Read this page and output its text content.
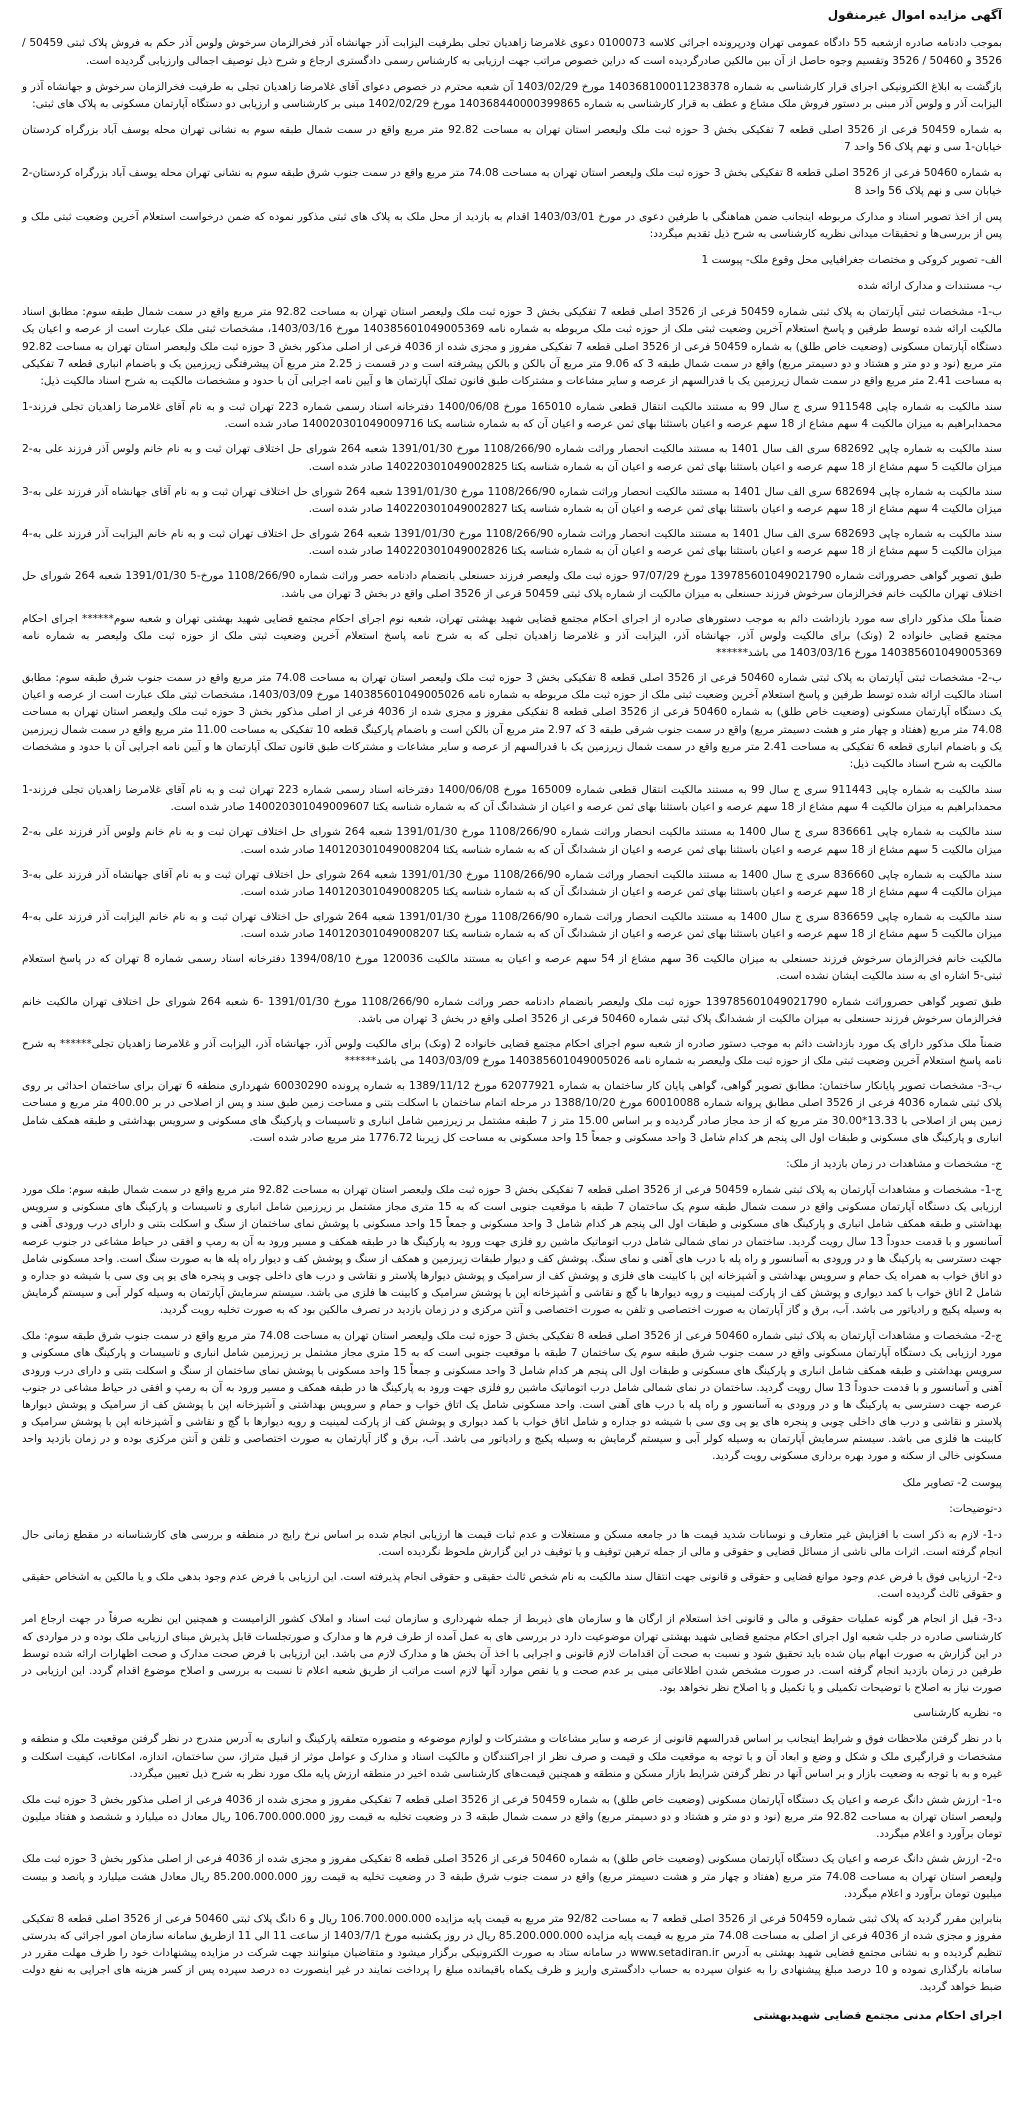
آگهی مزایده اموال غیرمنقول

بموجب دادنامه صادره ازشعبه 55 دادگاه عمومی تهران ودرپرونده اجرائی کلاسه 0100073 دعوی غلامرضا زاهدیان تجلی بطرفیت الیزابت آذر جهانشاه آذر فخرالزمان سرخوش ولوس آذر حکم به فروش پلاک ثبتی 50459 / 3526 و 50460 / 3526 وتقسیم وجوه حاصل از آن بین مالکین صادرگردیده است که دراین خصوص مراتب جهت ارزیابی به کارشناس رسمی دادگستری ارجاع و شرح ذیل توصیف اجمالی وارزیابی گردیده است.

بازگشت به ابلاغ الکترونیکی اجرای قرار کارشناسی به شماره 140368100011238378 مورخ 1403/02/29 آن شعبه محترم در خصوص دعوای آقای غلامرضا زاهدیان تجلی به طرفیت فخرالزمان سرخوش و جهانشاه آذر و الیزابت آذر و ولوس آذر مبنی بر دستور فروش ملک مشاع و عطف به قرار کارشناسی به شماره 140368440000399865 مورخ 1402/02/29 مبنی بر کارشناسی و ارزیابی دو دستگاه آپارتمان مسکونی به پلاک های ثبتی:

به شماره 50459 فرعی از 3526 اصلی قطعه 7 تفکیکی بخش 3 حوزه ثبت ملک ولیعصر استان تهران به مساحت 92.82 متر مربع واقع در سمت شمال طبقه سوم به نشانی تهران محله یوسف آباد بزرگراه کردستان خیابان-1 سی و نهم پلاک 56 واحد 7

به شماره 50460 فرعی از 3526 اصلی قطعه 8 تفکیکی بخش 3 حوزه ثبت ملک ولیعصر استان تهران به مساحت 74.08 متر مربع واقع در سمت جنوب شرق طبقه سوم به نشانی تهران محله یوسف آباد بزرگراه کردستان-2 خیابان سی و نهم پلاک 56 واحد 8

پس از اخذ تصویر اسناد و مدارک مربوطه اینجانب ضمن هماهنگی با طرفین دعوی در مورخ 1403/03/01 اقدام به بازدید از محل ملک به پلاک های ثبتی مذکور نموده که ضمن درخواست استعلام آخرین وضعیت ثبتی ملک و پس از بررسی‌ها و تحقیقات میدانی نظریه کارشناسی به شرح ذیل تقدیم میگردد:

الف- تصویر کروکی و مختصات جغرافیایی محل وقوع ملک- پیوست 1

ب- مستندات و مدارک ارائه شده

ب-1- مشخصات ثبتی آپارتمان به پلاک ثبتی شماره 50459 فرعی از 3526 اصلی قطعه 7 تفکیکی بخش 3 حوزه ثبت ملک ولیعصر استان تهران به مساحت 92.82 متر مربع واقع در سمت شمال طبقه سوم: مطابق اسناد مالکیت ارائه شده توسط طرفین و پاسخ استعلام آخرین وضعیت ثبتی ملک از حوزه ثبت ملک مربوطه به شماره نامه 140385601049005369 مورخ 1403/03/16، مشخصات ثبتی ملک عبارت است از عرصه و اعیان یک دستگاه آپارتمان مسکونی (وضعیت خاص طلق) به شماره 50459 فرعی از 3526 اصلی قطعه 7 تفکیکی مفروز و مجزی شده از 4036 فرعی از اصلی مذکور بخش 3 حوزه ثبت ملک ولیعصر استان تهران به مساحت 92.82 متر مربع (نود و دو متر و هشتاد و دو دسیمتر مربع) واقع در سمت شمال طبقه 3 که 9.06 متر مربع آن بالکن و بالکن پیشرفته است و در قسمت ز 2.25 متر مربع آن پیشرفتگی زیرزمین یک و باضمام انباری قطعه 7 تفکیکی به مساحت 2.41 متر مربع واقع در سمت شمال زیرزمین یک با قدرالسهم از عرصه و سایر مشاعات و مشترکات طبق قانون تملک آپارتمان ها و آیین نامه اجرایی آن با حدود و مشخصات مالکیت به شرح اسناد مالکیت ذیل:

سند مالکیت به شماره چاپی 911548 سری ج سال 99 به مستند مالکیت انتقال قطعی شماره 165010 مورخ 1400/06/08 دفترخانه اسناد رسمی شماره 223 تهران ثبت و به نام آقای غلامرضا زاهدیان تجلی فرزند-1 محمدابراهیم به میزان مالکیت 4 سهم مشاع از 18 سهم عرصه و اعیان باستثنا بهای ثمن عرصه و اعیان آن که به شماره شناسه یکتا 140020301049009716 صادر شده است.

سند مالکیت به شماره چاپی 682692 سری الف سال 1401 به مستند مالکیت انحصار وراثت شماره 1108/266/90 مورخ 1391/01/30 شعبه 264 شورای حل اختلاف تهران ثبت و به نام خانم ولوس آذر فرزند علی به-2 میزان مالکیت 5 سهم مشاع از 18 سهم عرصه و اعیان باستثنا بهای ثمن عرصه و اعیان آن به شماره شناسه یکتا 140220301049002825 صادر شده است.

سند مالکیت به شماره چاپی 682694 سری الف سال 1401 به مستند مالکیت انحصار وراثت شماره 1108/266/90 مورخ 1391/01/30 شعبه 264 شورای حل اختلاف تهران ثبت و به نام آقای جهانشاه آذر فرزند علی به-3 میزان مالکیت 4 سهم مشاع از 18 سهم عرصه و اعیان باستثنا بهای ثمن عرصه و اعیان آن به شماره شناسه یکتا 140220301049002827 صادر شده است.

سند مالکیت به شماره چاپی 682693 سری الف سال 1401 به مستند مالکیت انحصار وراثت شماره 1108/266/90 مورخ 1391/01/30 شعبه 264 شورای حل اختلاف تهران ثبت و به نام خانم الیزابت آذر فرزند علی به-4 میزان مالکیت 5 سهم مشاع از 18 سهم عرصه و اعیان باستثنا بهای ثمن عرصه و اعیان آن به شماره شناسه یکتا 140220301049002826 صادر شده است.

طبق تصویر گواهی حصروراثت شماره 139785601049021790 مورخ 97/07/29 حوزه ثبت ملک ولیعصر فرزند حسنعلی بانضمام دادنامه حصر وراثت شماره 1108/266/90 مورخ-5 1391/01/30 شعبه 264 شورای حل اختلاف تهران مالکیت خانم فخرالزمان سرخوش فرزند حسنعلی به میزان مالکیت از شماره پلاک ثبتی 50459 فرعی از 3526 اصلی واقع در بخش 3 تهران می باشد.

ضمناً ملک مذکور دارای سه مورد بازداشت دائم به موجب دستورهای صادره از اجرای احکام مجتمع قضایی شهید بهشتی تهران، شعبه نوم اجرای احکام مجتمع قضایی شهید بهشتی تهران و شعبه سوم****** اجرای احکام مجتمع قضایی خانواده 2 (ونک) برای مالکیت ولوس آذر، جهانشاه آذر، الیزابت آذر و غلامرضا زاهدیان تجلی که به شرح نامه پاسخ استعلام آخرین وضعیت ثبتی ملک از حوزه ثبت ملک ولیعصر به شماره نامه 140385601049005369 مورخ 1403/03/16 می باشد******

ب-2- مشخصات ثبتی آپارتمان به پلاک ثبتی شماره 50460 فرعی از 3526 اصلی قطعه 8 تفکیکی بخش 3 حوزه ثبت ملک ولیعصر استان تهران به مساحت 74.08 متر مربع واقع در سمت جنوب شرق طبقه سوم: مطابق اسناد مالکیت ارائه شده توسط طرفین و پاسخ استعلام آخرین وضعیت ثبتی ملک از حوزه ثبت ملک مربوطه به شماره نامه 140385601049005026 مورخ 1403/03/09، مشخصات ثبتی ملک عبارت است از عرصه و اعیان یک دستگاه آپارتمان مسکونی (وضعیت خاص طلق) به شماره 50460 فرعی از 3526 اصلی قطعه 8 تفکیکی مفروز و مجزی شده از 4036 فرعی از اصلی مذکور بخش 3 حوزه ثبت ملک ولیعصر استان تهران به مساحت 74.08 متر مربع (هفتاد و چهار متر و هشت دسیمتر مربع) واقع در سمت جنوب شرقی طبقه 3 که 2.97 متر مربع آن بالکن است و باضمام پارکینگ قطعه 10 تفکیکی به مساحت 11.00 متر مربع واقع در سمت شمال زیرزمین یک و باضمام انباری قطعه 6 تفکیکی به مساحت 2.41 متر مربع واقع در سمت شمال زیرزمین یک با قدرالسهم از عرصه و سایر مشاعات و مشترکات طبق قانون تملک آپارتمان ها و آیین نامه اجرایی آن با حدود و مشخصات مالکیت به شرح اسناد مالکیت ذیل:

سند مالکیت به شماره چاپی 911443 سری ج سال 99 به مستند مالکیت انتقال قطعی شماره 165009 مورخ 1400/06/08 دفترخانه اسناد رسمی شماره 223 تهران ثبت و به نام آقای غلامرضا زاهدیان تجلی فرزند-1 محمدابراهیم به میزان مالکیت 4 سهم مشاع از 18 سهم عرصه و اعیان باستثنا بهای ثمن عرصه و اعیان از ششدانگ آن که به شماره شناسه یکتا 140020301049009607 صادر شده است.

سند مالکیت به شماره چاپی 836661 سری ج سال 1400 به مستند مالکیت انحصار وراثت شماره 1108/266/90 مورخ 1391/01/30 شعبه 264 شورای حل اختلاف تهران ثبت و به نام خانم ولوس آذر فرزند علی به-2 میزان مالکیت 5 سهم مشاع از 18 سهم عرصه و اعیان باستثنا بهای ثمن عرصه و اعیان از ششدانگ آن که به شماره شناسه یکتا 140120301049008204 صادر شده است.

سند مالکیت به شماره چاپی 836660 سری ج سال 1400 به مستند مالکیت انحصار وراثت شماره 1108/266/90 مورخ 1391/01/30 شعبه 264 شورای حل اختلاف تهران ثبت و به نام آقای جهانشاه آذر فرزند علی به-3 میزان مالکیت 4 سهم مشاع از 18 سهم عرصه و اعیان باستثنا بهای ثمن عرصه و اعیان از ششدانگ آن که به شماره شناسه یکتا 140120301049008205 صادر شده است.

سند مالکیت به شماره چاپی 836659 سری ج سال 1400 به مستند مالکیت انحصار وراثت شماره 1108/266/90 مورخ 1391/01/30 شعبه 264 شورای حل اختلاف تهران ثبت و به نام خانم الیزابت آذر فرزند علی به-4 میزان مالکیت 5 سهم مشاع از 18 سهم عرصه و اعیان باستثنا بهای ثمن عرصه و اعیان از ششدانگ آن که به شماره شناسه یکتا 140120301049008207 صادر شده است.

مالکیت خانم فخرالزمان سرخوش فرزند حسنعلی به میزان مالکیت 36 سهم مشاع از 54 سهم عرصه و اعیان به مستند مالکیت 120036 مورخ 1394/08/10 دفترخانه اسناد رسمی شماره 8 تهران که در پاسخ استعلام ثبتی-5 اشاره ای به سند مالکیت ایشان نشده است.

طبق تصویر گواهی حصروراثت شماره 139785601049021790 حوزه ثبت ملک ولیعصر بانضمام دادنامه حصر وراثت شماره 1108/266/90 مورخ 1391/01/30 -6 شعبه 264 شورای حل اختلاف تهران مالکیت خانم فخرالزمان سرخوش فرزند حسنعلی به میزان مالکیت از ششدانگ پلاک ثبتی شماره 50460 فرعی از 3526 اصلی واقع در بخش 3 تهران می باشد.

ضمناً ملک مذکور دارای یک مورد بازداشت دائم به موجب دستور صادره از شعبه سوم اجرای احکام مجتمع قضایی خانواده 2 (ونک) برای مالکیت ولوس آذر، جهانشاه آذر، الیزابت آذر و غلامرضا زاهدیان تجلی****** به شرح نامه پاسخ استعلام آخرین وضعیت ثبتی ملک از حوزه ثبت ملک ولیعصر به شماره نامه 140385601049005026 مورخ 1403/03/09 می باشد******

ب-3- مشخصات تصویر پایانکار ساختمان: مطابق تصویر گواهی، گواهی پایان کار ساختمان به شماره 62077921 مورخ 1389/11/12 به شماره پرونده 60030290 شهرداری منطقه 6 تهران برای ساختمان احداثی بر روی پلاک ثبتی شماره 4036 فرعی از 3526 اصلی مطابق پروانه شماره 60010088 مورخ 1388/10/20 در مرحله اتمام ساختمان با اسکلت بتنی و مساحت زمین طبق سند و پس از اصلاحی در بر 400.00 متر مربع و مساحت زمین پس از اصلاحی با 13.33*30.00 متر مربع که از حد مجاز صادر گردیده و بر اساس 15.00 متر ز 7 طبقه مشتمل بر زیرزمین شامل انباری و تاسیسات و پارکینگ های مسکونی و سرویس بهداشتی و طبقه همکف شامل انباری و پارکینگ های مسکونی و طبقات اول الی پنجم هر کدام شامل 3 واحد مسکونی و جمعاً 15 واحد مسکونی به مساحت کل زیربنا 1776.72 متر مربع صادر شده است.

ج- مشخصات و مشاهدات در زمان بازدید از ملک:

ج-1- مشخصات و مشاهدات آپارتمان به پلاک ثبتی شماره 50459 فرعی از 3526 اصلی قطعه 7 تفکیکی بخش 3 حوزه ثبت ملک ولیعصر استان تهران به مساحت 92.82 متر مربع واقع در سمت شمال طبقه سوم: ملک مورد ارزیابی یک دستگاه آپارتمان مسکونی واقع در سمت شمال طبقه سوم یک ساختمان 7 طبقه با موقعیت جنوبی است که به 15 متری مجاز مشتمل بر زیرزمین شامل انباری و تاسیسات و پارکینگ های مسکونی و سرویس بهداشتی و طبقه همکف شامل انباری و پارکینگ های مسکونی و طبقات اول الی پنجم هر کدام شامل 3 واحد مسکونی و جمعاً 15 واحد مسکونی با پوشش نمای ساختمان از سنگ و اسکلت بتنی و دارای درب ورودی آهنی و آسانسور و با قدمت حدوداً 13 سال رویت گردید. ساختمان در نمای شمالی شامل درب اتوماتیک ماشین رو فلزی جهت ورود به پارکینگ ها در طبقه همکف و مسیر ورود به آن به رمپ و افقی در حیاط مشاعی در جنوب عرصه جهت دسترسی به پارکینگ ها و در ورودی به آسانسور و راه پله با درب های آهنی و نمای سنگ. پوشش کف و دیوار طبقات زیرزمین و همکف از سنگ و پوشش کف و دیوار راه پله ها به صورت سنگ است. واحد مسکونی شامل دو اتاق خواب به همراه یک حمام و سرویس بهداشتی و آشپزخانه اپن با کابینت های فلزی و پوشش کف از سرامیک و پوشش دیوارها پلاستر و نقاشی و درب های داخلی چوبی و پنجره های یو پی وی سی با شیشه دو جداره و شامل 2 اتاق خواب با کمد دیواری و پوشش کف از پارکت لمینیت و رویه دیوارها با گچ و نقاشی و آشپزخانه اپن با پوشش سرامیک و کابینت ها فلزی می باشد. سیستم سرمایش آپارتمان به وسیله کولر آبی و سیستم گرمایش به وسیله پکیج و رادیاتور می باشد. آب، برق و گاز آپارتمان به صورت اختصاصی و تلفن به صورت اختصاصی و آنتن مرکزی و در زمان بازدید در تصرف مالکین بود که به صورت تخلیه رویت گردید.

ج-2- مشخصات و مشاهدات آپارتمان به پلاک ثبتی شماره 50460 فرعی از 3526 اصلی قطعه 8 تفکیکی بخش 3 حوزه ثبت ملک ولیعصر استان تهران به مساحت 74.08 متر مربع واقع در سمت جنوب شرق طبقه سوم: ملک مورد ارزیابی یک دستگاه آپارتمان مسکونی واقع در سمت جنوب شرق طبقه سوم یک ساختمان 7 طبقه با موقعیت جنوبی است که به 15 متری مجاز مشتمل بر زیرزمین شامل انباری و تاسیسات و پارکینگ های مسکونی و سرویس بهداشتی و طبقه همکف شامل انباری و پارکینگ های مسکونی و طبقات اول الی پنجم هر کدام شامل 3 واحد مسکونی و جمعاً 15 واحد مسکونی با پوشش نمای ساختمان از سنگ و اسکلت بتنی و دارای درب ورودی آهنی و آسانسور و با قدمت حدوداً 13 سال رویت گردید. ساختمان در نمای شمالی شامل درب اتوماتیک ماشین رو فلزی جهت ورود به پارکینگ ها در طبقه همکف و مسیر ورود به آن به رمپ و افقی در حیاط مشاعی در جنوب عرصه جهت دسترسی به پارکینگ ها و در ورودی به آسانسور و راه پله با درب های آهنی است. واحد مسکونی شامل یک اتاق خواب و حمام و سرویس بهداشتی و آشپزخانه اپن با پوشش کف از سرامیک و پوشش دیوارها پلاستر و نقاشی و درب های داخلی چوبی و پنجره های یو پی وی سی با شیشه دو جداره و شامل اتاق خواب با کمد دیواری و پوشش کف از پارکت لمینیت و رویه دیوارها با گچ و نقاشی و آشپزخانه اپن با پوشش سرامیک و کابینت ها فلزی می باشد. سیستم سرمایش آپارتمان به وسیله کولر آبی و سیستم گرمایش به وسیله پکیج و رادیاتور می باشد. آب، برق و گاز آپارتمان به صورت اختصاصی و تلفن و آنتن مرکزی بوده و در زمان بازدید واحد مسکونی خالی از سکنه و مورد بهره برداری مسکونی رویت گردید.

پیوست 2- تصاویر ملک

د-توضیحات:

د-1- لازم به ذکر است با افزایش غیر متعارف و نوسانات شدید قیمت ها در جامعه مسکن و مستغلات و عدم ثبات قیمت ها ارزیابی انجام شده بر اساس نرخ رایج در منطقه و بررسی های کارشناسانه در مقطع زمانی حال انجام گرفته است. اثرات مالی ناشی از مسائل قضایی و حقوقی و مالی از جمله ترهین توقیف و یا توقیف در این گزارش ملحوظ نگردیده است.

د-2- ارزیابی فوق با فرض عدم وجود موانع قضایی و حقوقی و قانونی جهت انتقال سند مالکیت به نام شخص ثالث حقیقی و حقوقی انجام پذیرفته است. این ارزیابی با فرض عدم وجود بدهی ملک و یا مالکین به اشخاص حقیقی و حقوقی ثالث گردیده است.

د-3- قبل از انجام هر گونه عملیات حقوقی و مالی و قانونی اخذ استعلام از ارگان ها و سازمان های ذیربط از جمله شهرداری و سازمان ثبت اسناد و املاک کشور الزامیست و همچنین این نظریه صرفاً در جهت ارجاع امر کارشناسی صادره در جلب شعبه اول اجرای احکام مجتمع قضایی شهید بهشتی تهران موضوعیت دارد در بررسی های به عمل آمده از طرف فرم ها و مدارک و صورتجلسات قابل پذیرش مبنای ارزیابی ملک بوده و در مواردی که در این گزارش به صورت ابهام بیان شده باید تحقیق شود و نسبت به صحت آن اقدامات لازم قانونی و اجرایی با اخذ آن بخش ها و مدارک لازم می باشد. این ارزیابی با فرض صحت مدارک و صحت اظهارات ارائه شده توسط طرفین در زمان بازدید انجام گرفته است. در صورت مشخص شدن اطلاعاتی مبنی بر عدم صحت و یا نقص موارد آنها لازم است مراتب از طریق شعبه اعلام تا نسبت به بررسی و اصلاح موضوع اقدام گردد. این ارزیابی در صورت نیاز به اصلاح با توضیحات تکمیلی و یا تکمیل و یا اصلاح نظر نخواهد بود.

ه- نظریه کارشناسی

با در نظر گرفتن ملاحظات فوق و شرایط اینجانب بر اساس قدرالسهم قانونی از عرصه و سایر مشاعات و مشترکات و لوازم موضوعه و متصوره متعلقه پارکینگ و انباری به آدرس مندرج در نظر گرفتن موقعیت ملک و منطقه و مشخصات و قرارگیری ملک و شکل و وضع و ابعاد آن و با توجه به موقعیت ملک و قیمت و صرف نظر از اجراکنندگان و مالکیت اسناد و مدارک و عوامل موثر از قبیل متراژ، سن ساختمان، اندازه، امکانات، کیفیت اسکلت و غیره و به با توجه به وضعیت بازار و بر اساس آنها در نظر گرفتن شرایط بازار مسکن و منطقه و همچنین قیمت‌های کارشناسی شده اخیر در منطقه ارزش پایه ملک مورد نظر به شرح ذیل تعیین میگردد.

ه-1- ارزش شش دانگ عرصه و اعیان یک دستگاه آپارتمان مسکونی (وضعیت خاص طلق) به شماره 50459 فرعی از 3526 اصلی قطعه 7 تفکیکی مفروز و مجزی شده از 4036 فرعی از اصلی مذکور بخش 3 حوزه ثبت ملک ولیعصر استان تهران به مساحت 92.82 متر مربع (نود و دو متر و هشتاد و دو دسیمتر مربع) واقع در سمت شمال طبقه 3 در وضعیت تخلیه به قیمت روز 106.700.000.000 ریال معادل ده میلیارد و ششصد و هفتاد میلیون تومان برآورد و اعلام میگردد.

ه-2- ارزش شش دانگ عرصه و اعیان یک دستگاه آپارتمان مسکونی (وضعیت خاص طلق) به شماره 50460 فرعی از 3526 اصلی قطعه 8 تفکیکی مفروز و مجزی شده از 4036 فرعی از اصلی مذکور بخش 3 حوزه ثبت ملک ولیعصر استان تهران به مساحت 74.08 متر مربع (هفتاد و چهار متر و هشت دسیمتر مربع) واقع در سمت جنوب شرق طبقه 3 در وضعیت تخلیه به قیمت روز 85.200.000.000 ریال معادل هشت میلیارد و پانصد و بیست میلیون تومان برآورد و اعلام میگردد.

بنابراین مقرر گردید که پلاک ثبتی شماره 50459 فرعی از 3526 اصلی قطعه 7 به مساحت 92/82 متر مربع به قیمت پایه مزایده 106.700.000.000 ریال و 6 دانگ پلاک ثبتی 50460 فرعی از 3526 اصلی قطعه 8 تفکیکی مفروز و مجزی شده از 4036 فرعی از اصلی به مساحت 74.08 متر مربع به قیمت پایه مزایده 85.200.000.000 ریال در روز یکشنبه مورخ 1403/7/1 از ساعت 11 الی 11 ازطریق سامانه سازمان امور اجرائی که بدرستی تنظیم گردیده و به نشانی مجتمع قضایی شهید بهشتی به آدرس www.setadiran.ir در سامانه ستاد به صورت الکترونیکی برگزار میشود و متقاضیان میتوانند جهت شرکت در مزایده پیشنهادات خود را ظرف مهلت مقرر در سامانه بارگذاری نموده و 10 درصد مبلغ پیشنهادی را به عنوان سپرده به حساب دادگستری واریز و ظرف یکماه باقیمانده مبلغ را پرداخت نمایند در غیر اینصورت ده درصد سپرده پس از کسر هزینه های اجرایی به نفع دولت ضبط خواهد گردید.

اجرای احکام مدنی مجتمع قضایی شهیدبهشتی
